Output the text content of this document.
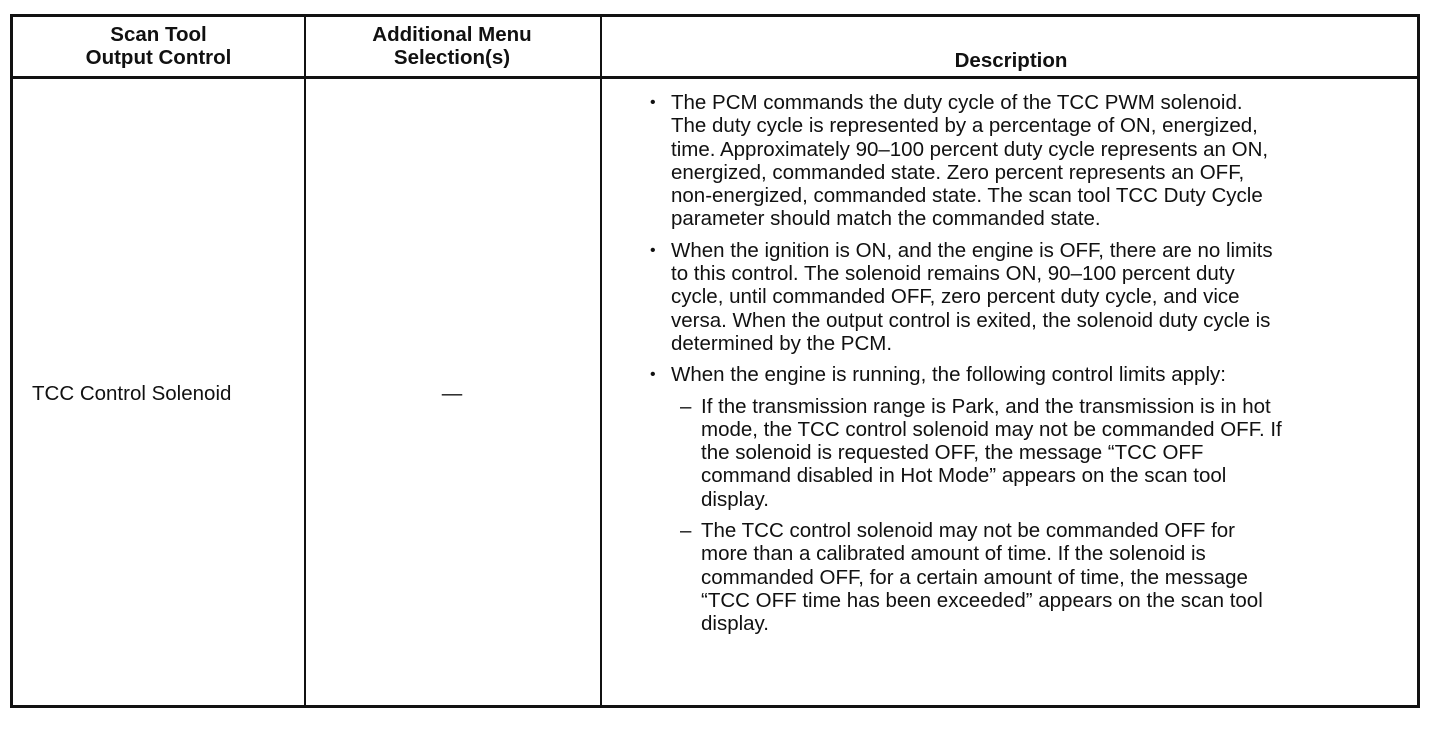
Scan Tool
Output Control
Additional Menu
Selection(s)	Description
TCC Control Solenoid	—
• The PCM commands the duty cycle of the TCC PWM solenoid.
The duty cycle is represented by a percentage of ON, energized,
time. Approximately 90–100 percent duty cycle represents an ON,
energized, commanded state. Zero percent represents an OFF,
non-energized, commanded state. The scan tool TCC Duty Cycle
parameter should match the commanded state.
• When the ignition is ON, and the engine is OFF, there are no limits
to this control. The solenoid remains ON, 90–100 percent duty
cycle, until commanded OFF, zero percent duty cycle, and vice
versa. When the output control is exited, the solenoid duty cycle is
determined by the PCM.
• When the engine is running, the following control limits apply:
– If the transmission range is Park, and the transmission is in hot
mode, the TCC control solenoid may not be commanded OFF. If
the solenoid is requested OFF, the message “TCC OFF
command disabled in Hot Mode” appears on the scan tool
display.
– The TCC control solenoid may not be commanded OFF for
more than a calibrated amount of time. If the solenoid is
commanded OFF, for a certain amount of time, the message
“TCC OFF time has been exceeded” appears on the scan tool
display.
